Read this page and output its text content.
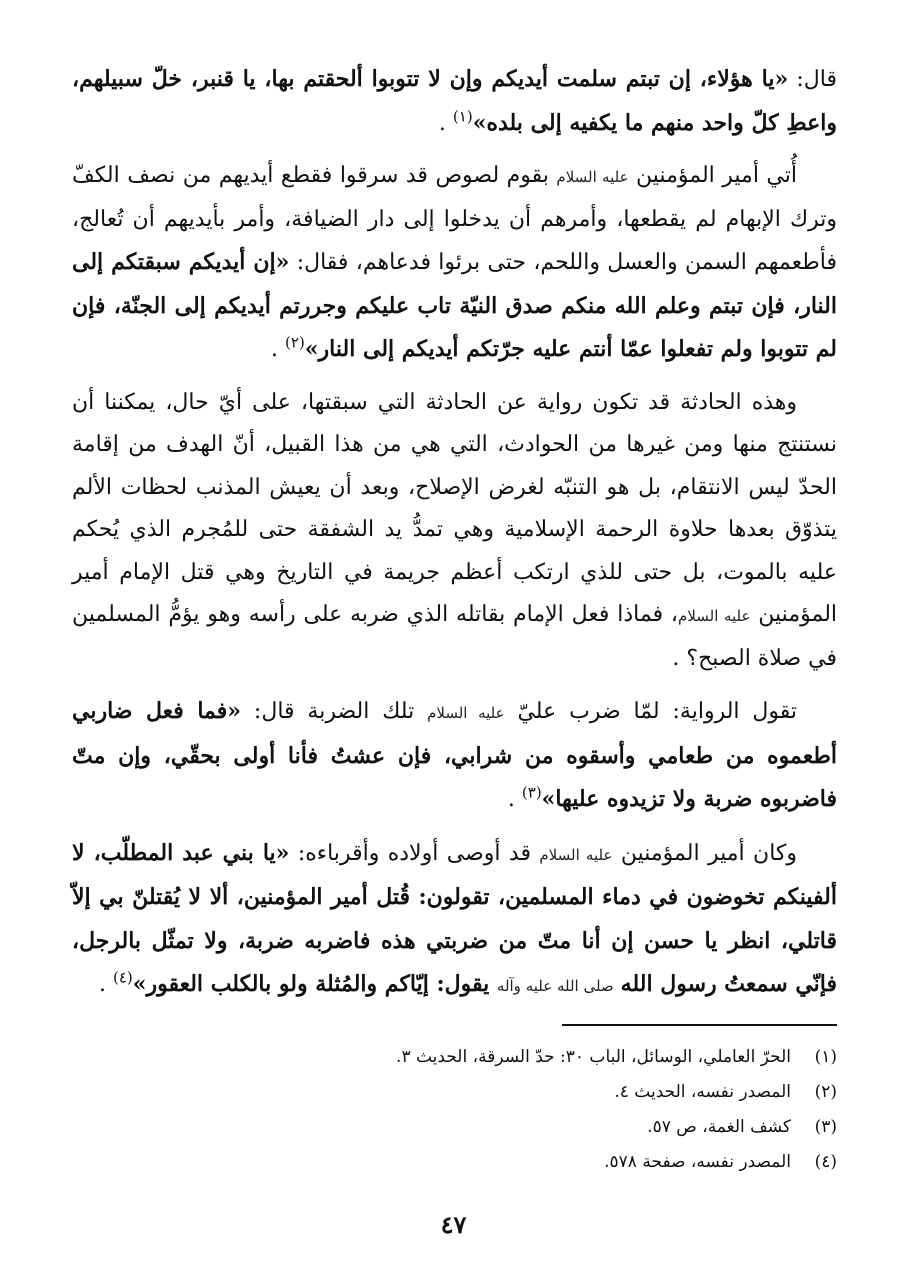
قال: «يا هؤلاء، إن تبتم سلمت أيديكم وإن لا تتوبوا ألحقتم بها، يا قنبر، خلّ سبيلهم، واعطِ كلّ واحد منهم ما يكفيه إلى بلده»$^{(١)}$ .

أُتي أمير المؤمنين عليه السلام بقوم لصوص قد سرقوا فقطع أيديهم من نصف الكفّ وترك الإبهام لم يقطعها، وأمرهم أن يدخلوا إلى دار الضيافة، وأمر بأيديهم أن تُعالج، فأطعمهم السمن والعسل واللحم، حتى برئوا فدعاهم، فقال: «إن أيديكم سبقتكم إلى النار، فإن تبتم وعلم الله منكم صدق النيّة تاب عليكم وجررتم أيديكم إلى الجنّة، فإن لم تتوبوا ولم تفعلوا عمّا أنتم عليه جرّتكم أيديكم إلى النار»$^{(٢)}$ .

وهذه الحادثة قد تكون رواية عن الحادثة التي سبقتها، على أيّ حال، يمكننا أن نستنتج منها ومن غيرها من الحوادث، التي هي من هذا القبيل، أنّ الهدف من إقامة الحدّ ليس الانتقام، بل هو التنبّه لغرض الإصلاح، وبعد أن يعيش المذنب لحظات الألم يتذوّق بعدها حلاوة الرحمة الإسلامية وهي تمدُّ يد الشفقة حتى للمُجرم الذي يُحكم عليه بالموت، بل حتى للذي ارتكب أعظم جريمة في التاريخ وهي قتل الإمام أمير المؤمنين عليه السلام، فماذا فعل الإمام بقاتله الذي ضربه على رأسه وهو يؤمُّ المسلمين في صلاة الصبح؟ .

تقول الرواية: لمّا ضرب عليّ عليه السلام تلك الضربة قال: «فما فعل ضاربي أطعموه من طعامي وأسقوه من شرابي، فإن عشتُ فأنا أولى بحقّي، وإن متّ فاضربوه ضربة ولا تزيدوه عليها»$^{(٣)}$ .

وكان أمير المؤمنين عليه السلام قد أوصى أولاده وأقرباءه: «يا بني عبد المطلّب، لا ألفينكم تخوضون في دماء المسلمين، تقولون: قُتل أمير المؤمنين، ألا لا يُقتلنّ بي إلاّ قاتلي، انظر يا حسن إن أنا متّ من ضربتي هذه فاضربه ضربة، ولا تمثّل بالرجل، فإنّي سمعتُ رسول الله صلى الله عليه وآله يقول: إيّاكم والمُثلة ولو بالكلب العقور»$^{(٤)}$ .

(١)
الحرّ العاملي، الوسائل، الباب ٣٠: حدّ السرقة، الحديث ٣.
(٢)
المصدر نفسه، الحديث ٤.
(٣)
كشف الغمة، ص ٥٧.
(٤)
المصدر نفسه، صفحة ٥٧٨.
٤٧
